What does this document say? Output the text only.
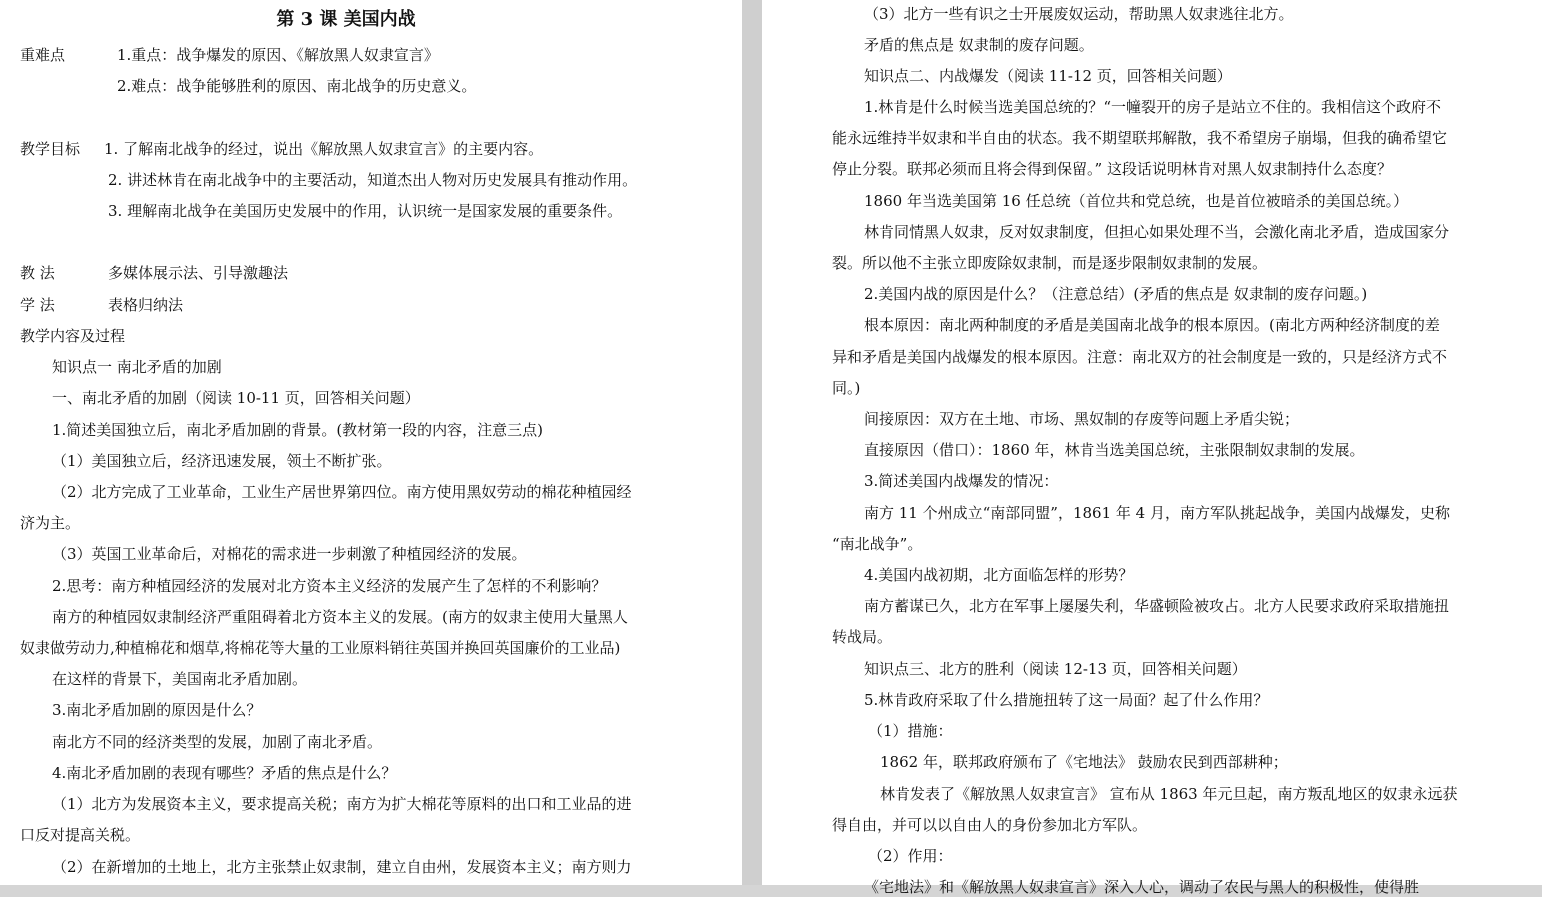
第 3 课 美国内战
重难点	1.重点：战争爆发的原因、《解放黑人奴隶宣言》
2.难点：战争能够胜利的原因、南北战争的历史意义。
教学目标 1. 了解南北战争的经过，说出《解放黑人奴隶宣言》的主要内容。
2. 讲述林肯在南北战争中的主要活动，知道杰出人物对历史发展具有推动作用。
3. 理解南北战争在美国历史发展中的作用，认识统一是国家发展的重要条件。
教 法	多媒体展示法、引导激趣法
学 法	表格归纳法
教学内容及过程
知识点一 南北矛盾的加剧
一、南北矛盾的加剧（阅读 10-11 页，回答相关问题）
1.简述美国独立后，南北矛盾加剧的背景。(教材第一段的内容，注意三点)
（1）美国独立后，经济迅速发展，领土不断扩张。
（2）北方完成了工业革命，工业生产居世界第四位。南方使用黑奴劳动的棉花种植园经
济为主。
（3）英国工业革命后，对棉花的需求进一步刺激了种植园经济的发展。
2.思考：南方种植园经济的发展对北方资本主义经济的发展产生了怎样的不利影响？
南方的种植园奴隶制经济严重阻碍着北方资本主义的发展。(南方的奴隶主使用大量黑人
奴隶做劳动力,种植棉花和烟草,将棉花等大量的工业原料销往英国并换回英国廉价的工业品)
在这样的背景下，美国南北矛盾加剧。
3.南北矛盾加剧的原因是什么？
南北方不同的经济类型的发展，加剧了南北矛盾。
4.南北矛盾加剧的表现有哪些？矛盾的焦点是什么？
（1）北方为发展资本主义，要求提高关税；南方为扩大棉花等原料的出口和工业品的进
口反对提高关税。
（2）在新增加的土地上，北方主张禁止奴隶制，建立自由州，发展资本主义；南方则力
（3）北方一些有识之士开展废奴运动，帮助黑人奴隶逃往北方。
矛盾的焦点是 奴隶制的废存问题。
知识点二、内战爆发（阅读 11-12 页，回答相关问题）
1.林肯是什么时候当选美国总统的？“一幢裂开的房子是站立不住的。我相信这个政府不
能永远维持半奴隶和半自由的状态。我不期望联邦解散，我不希望房子崩塌，但我的确希望它
停止分裂。联邦必须而且将会得到保留。” 这段话说明林肯对黑人奴隶制持什么态度？
1860 年当选美国第 16 任总统（首位共和党总统，也是首位被暗杀的美国总统。）
林肯同情黑人奴隶，反对奴隶制度，但担心如果处理不当，会激化南北矛盾，造成国家分
裂。所以他不主张立即废除奴隶制，而是逐步限制奴隶制的发展。
2.美国内战的原因是什么？（注意总结）(矛盾的焦点是 奴隶制的废存问题。)
根本原因：南北两种制度的矛盾是美国南北战争的根本原因。(南北方两种经济制度的差
异和矛盾是美国内战爆发的根本原因。注意：南北双方的社会制度是一致的，只是经济方式不
同。)
间接原因：双方在土地、市场、黑奴制的存废等问题上矛盾尖锐；
直接原因（借口）：1860 年，林肯当选美国总统，主张限制奴隶制的发展。
3.简述美国内战爆发的情况：
南方 11 个州成立“南部同盟”，1861 年 4 月，南方军队挑起战争，美国内战爆发，史称
“南北战争”。
4.美国内战初期，北方面临怎样的形势？
南方蓄谋已久，北方在军事上屡屡失利，华盛顿险被攻占。北方人民要求政府采取措施扭
转战局。
知识点三、北方的胜利（阅读 12-13 页，回答相关问题）
5.林肯政府采取了什么措施扭转了这一局面？起了什么作用？
（1）措施：
1862 年，联邦政府颁布了《宅地法》 鼓励农民到西部耕种；
林肯发表了《解放黑人奴隶宣言》 宣布从 1863 年元旦起，南方叛乱地区的奴隶永远获
得自由，并可以以自由人的身份参加北方军队。
（2）作用：
《宅地法》和《解放黑人奴隶宣言》深入人心，调动了农民与黑人的积极性，使得胜
